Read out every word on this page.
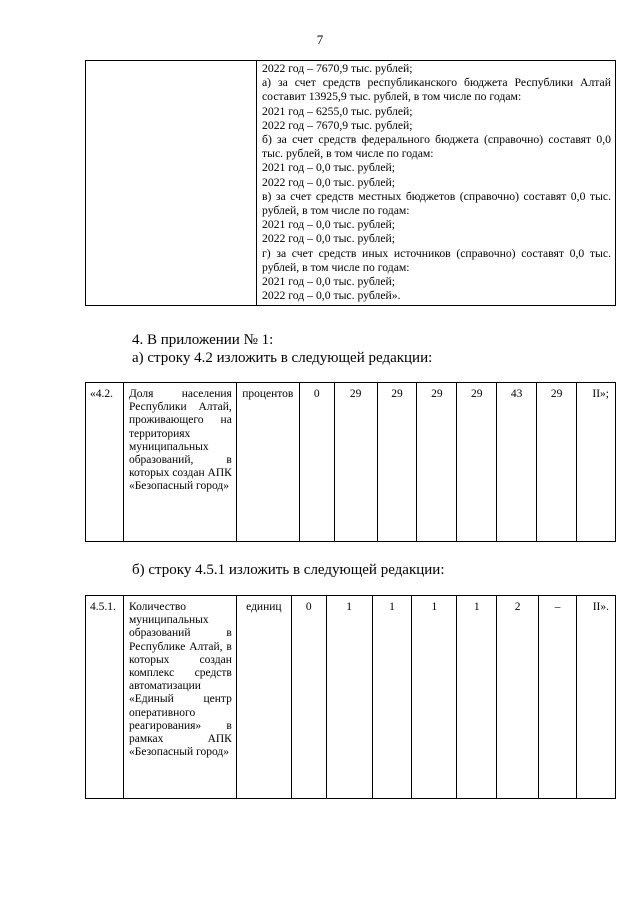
7

2022 год – 7670,9 тыс. рублей;
а) за счет средств республиканского бюджета Республики Алтай составит 13925,9 тыс. рублей, в том числе по годам:
2021 год – 6255,0 тыс. рублей;
2022 год – 7670,9 тыс. рублей;
б) за счет средств федерального бюджета (справочно) составят 0,0 тыс. рублей, в том числе по годам:
2021 год – 0,0 тыс. рублей;
2022 год – 0,0 тыс. рублей;
в) за счет средств местных бюджетов (справочно) составят 0,0 тыс. рублей, в том числе по годам:
2021 год – 0,0 тыс. рублей;
2022 год – 0,0 тыс. рублей;
г) за счет средств иных источников (справочно) составят 0,0 тыс. рублей, в том числе по годам:
2021 год – 0,0 тыс. рублей;
2022 год – 0,0 тыс. рублей».
4. В приложении № 1:
а) строку 4.2 изложить в следующей редакции:
«4.2.	Доля населения Республики Алтай, проживающего на территориях муниципальных образований, в которых создан АПК «Безопасный город»	процентов	0	29	29	29	29	43	29	II»;
б) строку 4.5.1 изложить в следующей редакции:
4.5.1.	Количество муниципальных образований в Республике Алтай, в которых создан комплекс средств автоматизации «Единый центр оперативного реагирования» в рамках АПК «Безопасный город»	единиц	0	1	1	1	1	2	–	II».
